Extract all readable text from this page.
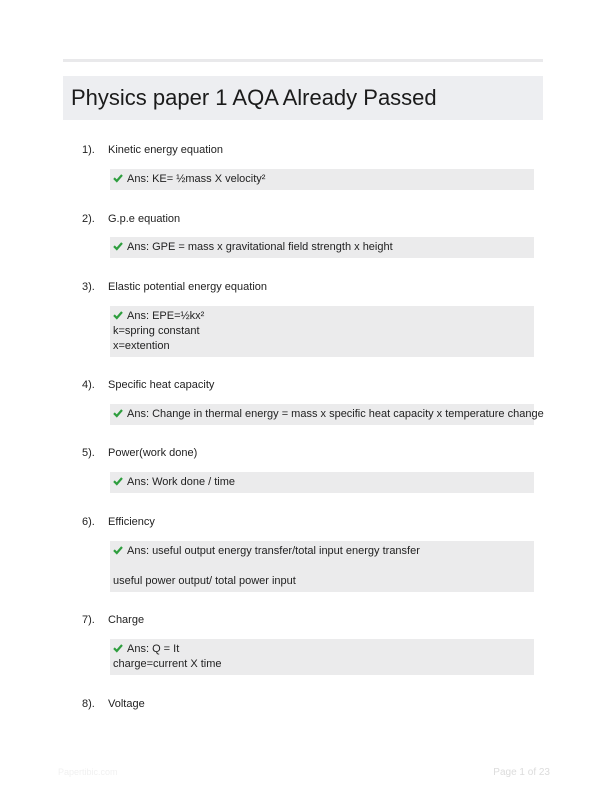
Physics paper 1 AQA Already Passed
1). Kinetic energy equation
Ans: KE= ½mass X velocity²
2). G.p.e equation
Ans: GPE = mass x gravitational field strength x height
3). Elastic potential energy equation
Ans: EPE=½kx²
k=spring constant
x=extention
4). Specific heat capacity
Ans: Change in thermal energy = mass x specific heat capacity x temperature change
5). Power(work done)
Ans: Work done / time
6). Efficiency
Ans: useful output energy transfer/total input energy transfer
useful power output/ total power input
7). Charge
Ans: Q = It
charge=current X time
8). Voltage
Papertibic.com	Page 1 of 23
